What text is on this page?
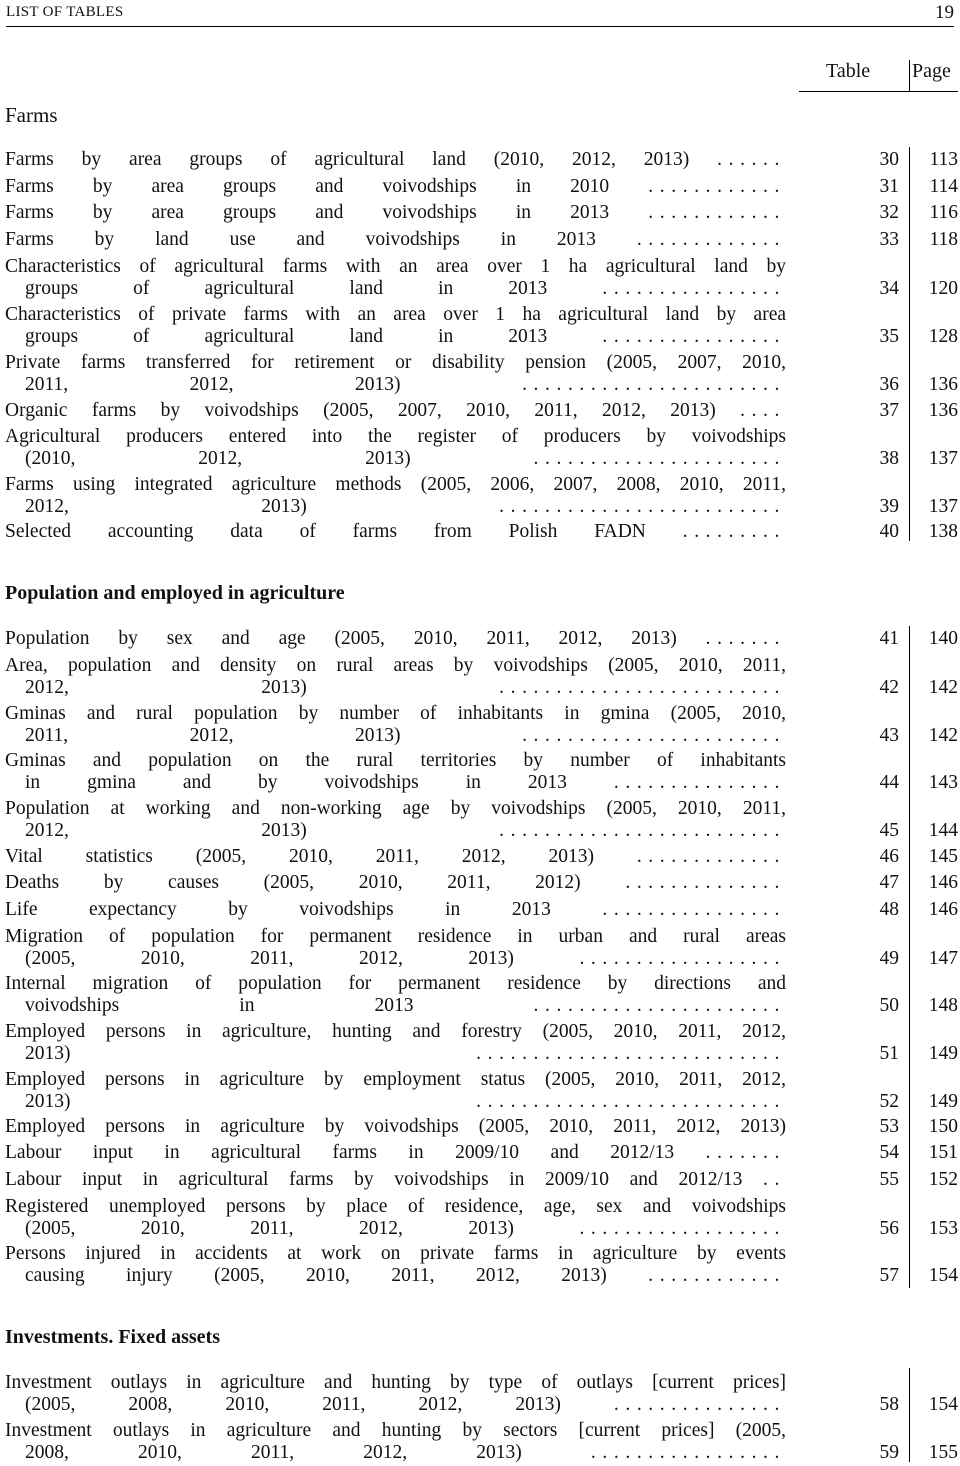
LIST OF TABLES	19
Table Page
Farms
Farms by area groups of agricultural land (2010, 2012, 2013) ......	30 113
Farms by area groups and voivodships in 2010 ............	31 114
Farms by area groups and voivodships in 2013 ............	32 116
Farms by land use and voivodships in 2013 .............	33 118
Characteristics of agricultural farms with an area over 1 ha agricultural land by
groups of agricultural land in 2013 ................	34 120
Characteristics of private farms with an area over 1 ha agricultural land by area
groups of agricultural land in 2013 ................	35 128
Private farms transferred for retirement or disability pension (2005, 2007, 2010,
2011, 2012, 2013) .......................	36 136
Organic farms by voivodships (2005, 2007, 2010, 2011, 2012, 2013) ....	37 136
Agricultural producers entered into the register of producers by voivodships
(2010, 2012, 2013) ......................	38 137
Farms using integrated agriculture methods (2005, 2006, 2007, 2008, 2010, 2011,
2012, 2013) .........................	39 137
Selected accounting data of farms from Polish FADN .........	40 138
Population and employed in agriculture
Population by sex and age (2005, 2010, 2011, 2012, 2013) .......	41 140
Area, population and density on rural areas by voivodships (2005, 2010, 2011,
2012, 2013) .........................	42 142
Gminas and rural population by number of inhabitants in gmina (2005, 2010,
2011, 2012, 2013) .......................	43 142
Gminas and population on the rural territories by number of inhabitants
in gmina and by voivodships in 2013 ...............	44 143
Population at working and non-working age by voivodships (2005, 2010, 2011,
2012, 2013) .........................	45 144
Vital statistics (2005, 2010, 2011, 2012, 2013) .............	46 145
Deaths by causes (2005, 2010, 2011, 2012) ..............	47 146
Life expectancy by voivodships in 2013 ................	48 146
Migration of population for permanent residence in urban and rural areas
(2005, 2010, 2011, 2012, 2013) ..................	49 147
Internal migration of population for permanent residence by directions and
voivodships in 2013 ......................	50 148
Employed persons in agriculture, hunting and forestry (2005, 2010, 2011, 2012,
2013) ...........................	51 149
Employed persons in agriculture by employment status (2005, 2010, 2011, 2012,
2013) ...........................	52 149
Employed persons in agriculture by voivodships (2005, 2010, 2011, 2012, 2013)	53 150
Labour input in agricultural farms in 2009/10 and 2012/13 .......	54 151
Labour input in agricultural farms by voivodships in 2009/10 and 2012/13 ..	55 152
Registered unemployed persons by place of residence, age, sex and voivodships
(2005, 2010, 2011, 2012, 2013) ..................	56 153
Persons injured in accidents at work on private farms in agriculture by events
causing injury (2005, 2010, 2011, 2012, 2013) ............	57 154
Investments. Fixed assets
Investment outlays in agriculture and hunting by type of outlays [current prices]
(2005, 2008, 2010, 2011, 2012, 2013) ...............	58 154
Investment outlays in agriculture and hunting by sectors [current prices] (2005,
2008, 2010, 2011, 2012, 2013) .................	59 155
